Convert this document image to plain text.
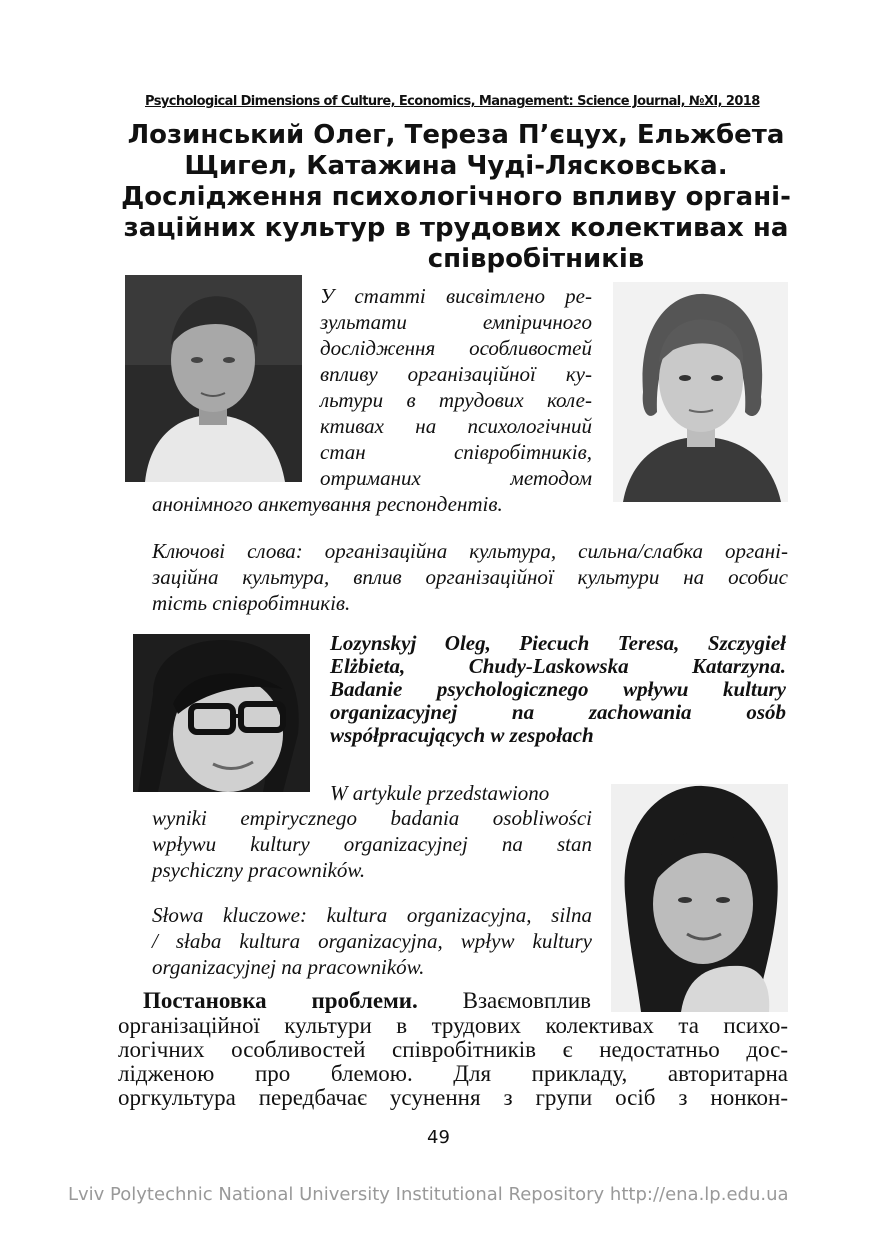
Psychological Dimensions of Culture, Economics, Management: Science Journal, №XI, 2018
Лозинський Олег, Тереза П’єцух, Ельжбета
Щигел, Катажина Чуді-Лясковська.
Дослідження психологічного впливу органі-
заційних культур в трудових колективах на
співробітників
У статті висвітлено ре-
зультати емпіричного
дослідження особливостей
впливу організаційної ку-
льтури в трудових коле-
ктивах на психологічний
стан співробітників,
отриманих методом
анонімного анкетування респондентів.
Ключові слова: організаційна культура, сильна/слабка органі-
заційна культура, вплив організаційної культури на особис
тість співробітників.
Lozynskyj Oleg, Piecuch Teresa, Szczygieł
Elżbieta, Chudy-Laskowska Katarzyna.
Badanie psychologicznego wpływu kultury
organizacyjnej na zachowania osób
współpracujących w zespołach
W artykule przedstawiono
wyniki empirycznego badania osobliwości
wpływu kultury organizacyjnej na stan
psychiczny pracowników.
Słowa kluczowe: kultura organizacyjna, silna
/ słaba kultura organizacyjna, wpływ kultury
organizacyjnej na pracowników.
Постановка проблеми. Взаємовплив
організаційної культури в трудових колективах та психо-
логічних особливостей співробітників є недостатньо дос-
лідженою про блемою. Для прикладу, авторитарна
оргкультура передбачає усунення з групи осіб з нонкон-
49
Lviv Polytechnic National University Institutional Repository http://ena.lp.edu.ua
